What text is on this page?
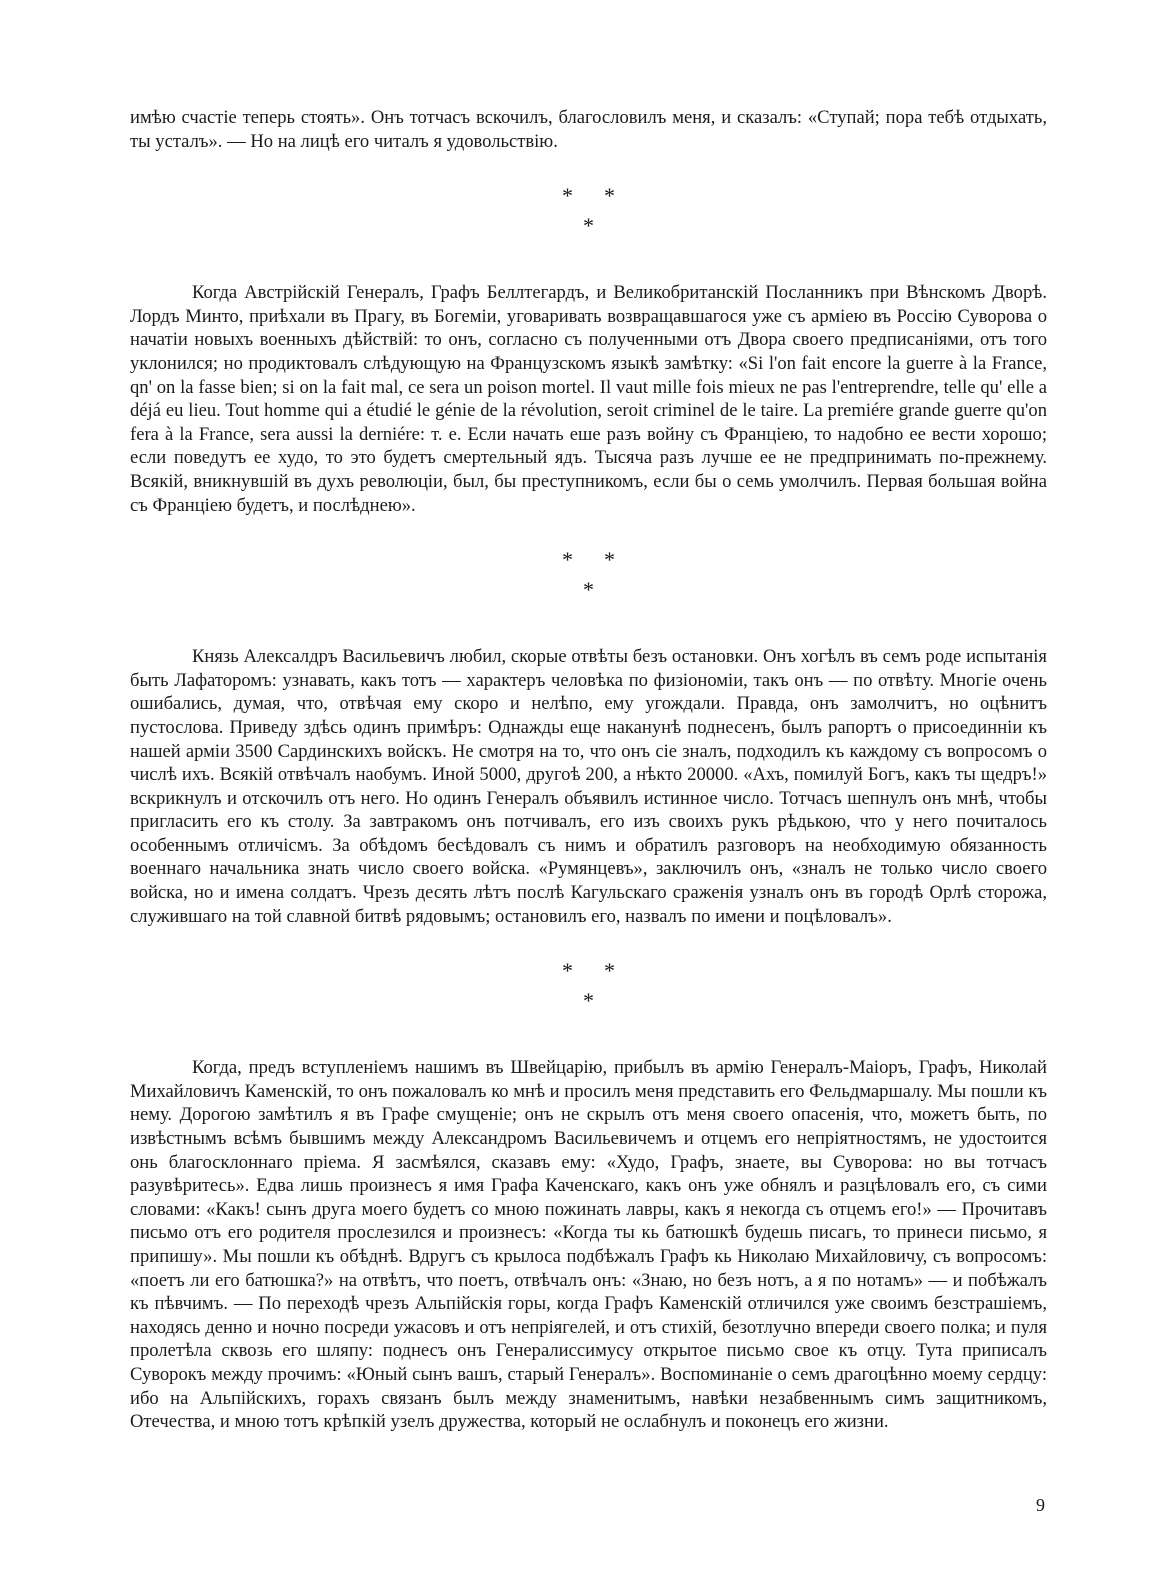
имѣю счастіе теперь стоять». Онъ тотчасъ вскочилъ, благословилъ меня, и сказалъ: «Ступай; пора тебѣ отдыхать, ты усталъ». — Но на лицѣ его читалъ я удовольствію.

* *
*

Когда Австрійскій Генералъ, Графъ Беллтегардъ, и Великобританскій Посланникъ при Вѣнскомъ Дворѣ. Лордъ Минто, приѣхали въ Прагу, въ Богеміи, уговаривать возвращавшагося уже съ арміею въ Россію Суворова о начатіи новыхъ военныхъ дѣйствій: то онъ, согласно съ полученными отъ Двора своего предписаніями, отъ того уклонился; но продиктовалъ слѣдующую на Французскомъ языкѣ замѣтку: «Si l'on fait encore la guerre à la France, qn' on la fasse bien; si on la fait mal, ce sera un poison mortel. Il vaut mille fois mieux ne pas l'entreprendre, telle qu' elle a déjá eu lieu. Tout homme qui a étudié le génie de la révolution, seroit criminel de le taire. La premiére grande guerre qu'on fera à la France, sera aussi la derniére: т. е. Если начать еше разъ войну съ Франціею, то надобно ее вести хорошо; если поведутъ ее худо, то это будетъ смертельный ядъ. Тысяча разъ лучше ее не предпринимать по-прежнему. Всякій, вникнувшій въ духъ революціи, был, бы преступникомъ, если бы о семь умолчилъ. Первая большая война съ Франціею будетъ, и послѣднею».

* *
*

Князь Алексалдръ Васильевичъ любил, скорые отвѣты безъ остановки. Онъ хогѣлъ въ семъ роде испытанія быть Лафаторомъ: узнавать, какъ тотъ — характеръ человѣка по физіономіи, такъ онъ — по отвѣту. Многіе очень ошибались, думая, что, отвѣчая ему скоро и нелѣпо, ему угождали. Правда, онъ замолчитъ, но оцѣнитъ пустослова. Приведу здѣсь одинъ примѣръ: Однажды еще наканунѣ поднесенъ, былъ рапортъ о присоединніи къ нашей арміи 3500 Сардинскихъ войскъ. Не смотря на то, что онъ сіе зналъ, подходилъ къ каждому съ вопросомъ о числѣ ихъ. Всякій отвѣчалъ наобумъ. Иной 5000, другоѣ 200, а нѣкто 20000. «Ахъ, помилуй Богъ, какъ ты щедръ!» вскрикнулъ и отскочилъ отъ него. Но одинъ Генералъ объявилъ истинное число. Тотчасъ шепнулъ онъ мнѣ, чтобы пригласить его къ столу. За завтракомъ онъ потчивалъ, его изъ своихъ рукъ рѣдькою, что у него почиталось особеннымъ отличісмъ. За обѣдомъ бесѣдовалъ съ нимъ и обратилъ разговоръ на необходимую обязанность военнаго начальника знать число своего войска. «Румянцевъ», заключилъ онъ, «зналъ не только число своего войска, но и имена солдатъ. Чрезъ десять лѣтъ послѣ Кагульскаго сраженія узналъ онъ въ городѣ Орлѣ сторожа, служившаго на той славной битвѣ рядовымъ; остановилъ его, назвалъ по имени и поцѣловалъ».

* *
*

Когда, предъ вступленіемъ нашимъ въ Швейцарію, прибылъ въ армію Генералъ-Маіоръ, Графъ, Николай Михайловичъ Каменскій, то онъ пожаловалъ ко мнѣ и просилъ меня представить его Фельдмаршалу. Мы пошли къ нему. Дорогою замѣтилъ я въ Графе смущеніе; онъ не скрылъ отъ меня своего опасенія, что, можетъ быть, по извѣстнымъ всѣмъ бывшимъ между Александромъ Васильевичемъ и отцемъ его непріятностямъ, не удостоится онь благосклоннаго пріема. Я засмѣялся, сказавъ ему: «Худо, Графъ, знаете, вы Суворова: но вы тотчасъ разувѣритесь». Едва лишь произнесъ я имя Графа Каченскаго, какъ онъ уже обнялъ и разцѣловалъ его, съ сими словами: «Какъ! сынъ друга моего будетъ со мною пожинать лавры, какъ я некогда съ отцемъ его!» — Прочитавъ письмо отъ его родителя прослезился и произнесъ: «Когда ты кь батюшкѣ будешь писагь, то принеси письмо, я припишу». Мы пошли къ обѣднѣ. Вдругъ съ крылоса подбѣжалъ Графъ кь Николаю Михайловичу, съ вопросомъ: «поетъ ли его батюшка?» на отвѣтъ, что поетъ, отвѣчалъ онъ: «Знаю, но безъ нотъ, а я по нотамъ» — и побѣжалъ къ пѣвчимъ. — По переходѣ чрезъ Альпійскія горы, когда Графъ Каменскій отличился уже своимъ безстрашіемъ, находясь денно и ночно посреди ужасовъ и отъ непріягелей, и отъ стихій, безотлучно впереди своего полка; и пуля пролетѣла сквозь его шляпу: поднесъ онъ Генералиссимусу открытое письмо свое къ отцу. Тута приписалъ Суворокъ между прочимъ: «Юный сынъ вашъ, старый Генералъ». Воспоминаніе о семъ драгоцѣнно моему сердцу: ибо на Альпійскихъ, горахъ связанъ былъ между знаменитымъ, навѣки незабвеннымъ симъ защитникомъ, Отечества, и мною тотъ крѣпкій узелъ дружества, который не ослабнулъ и поконецъ его жизни.

9
